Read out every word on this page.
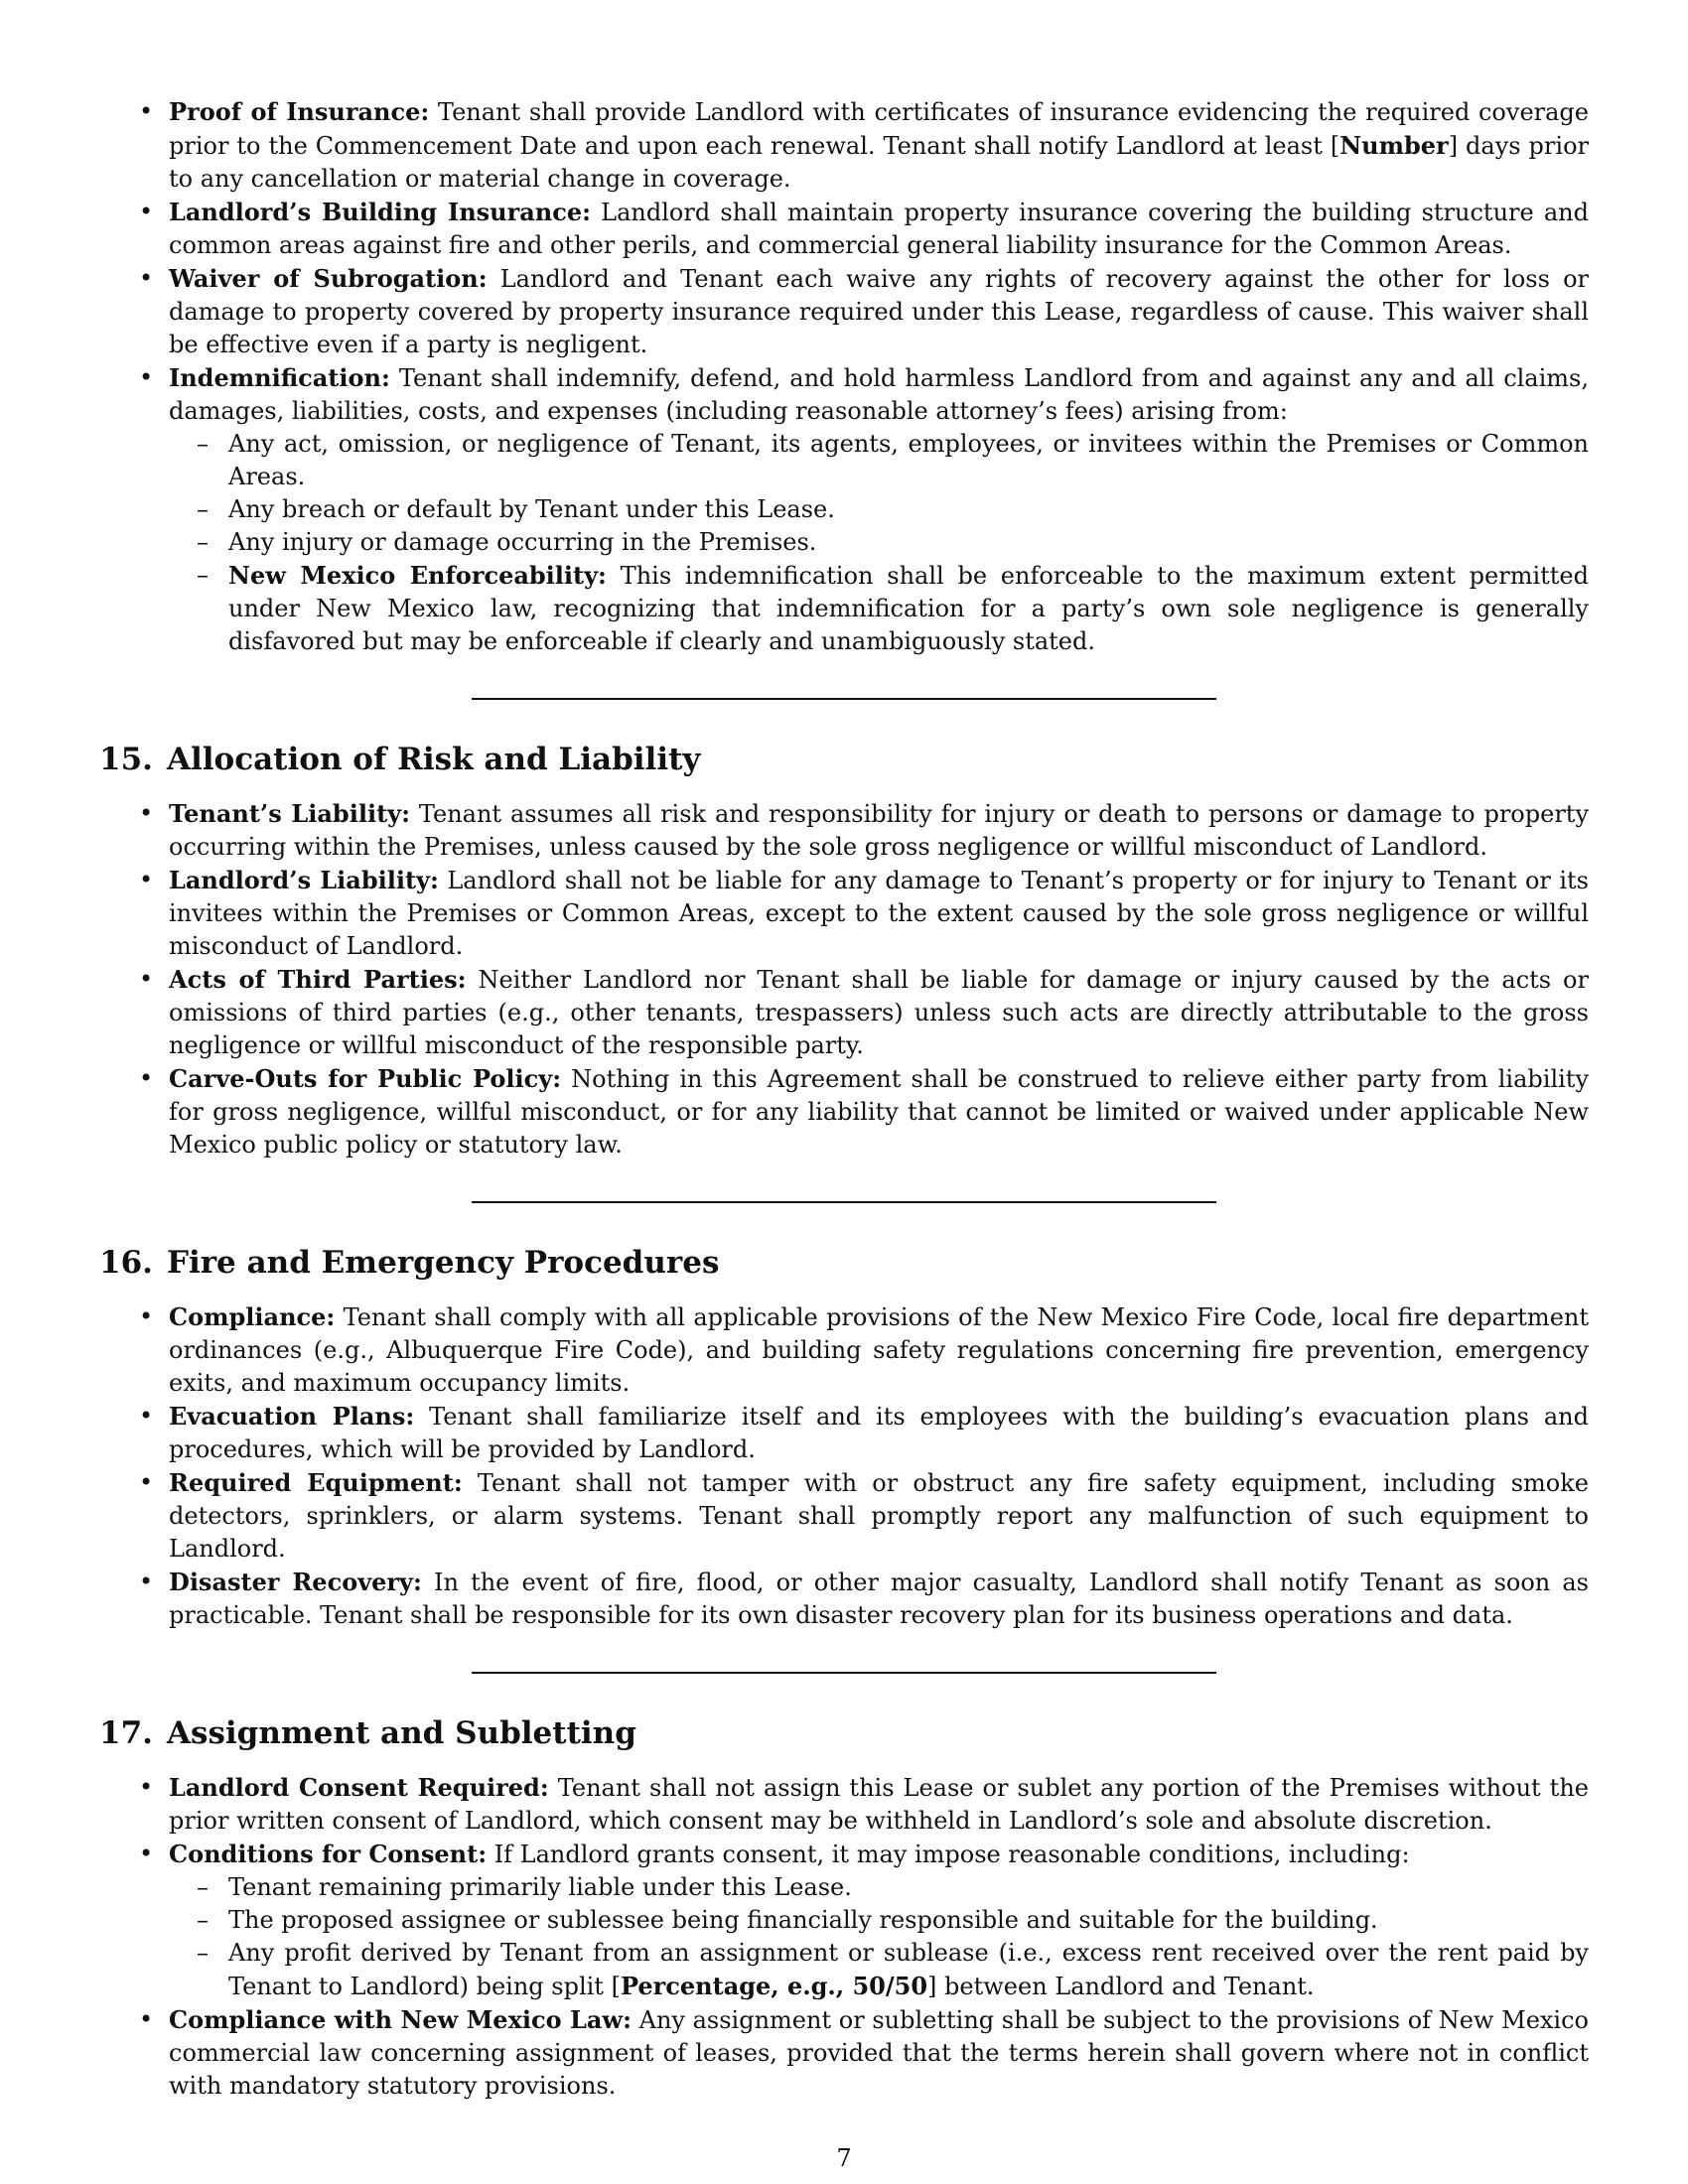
• Proof of Insurance: Tenant shall provide Landlord with certificates of insurance evidencing the required coverage prior to the Commencement Date and upon each renewal. Tenant shall notify Landlord at least [Number] days prior to any cancellation or material change in coverage.
• Landlord’s Building Insurance: Landlord shall maintain property insurance covering the building structure and common areas against fire and other perils, and commercial general liability insurance for the Common Areas.
• Waiver of Subrogation: Landlord and Tenant each waive any rights of recovery against the other for loss or damage to property covered by property insurance required under this Lease, regardless of cause. This waiver shall be effective even if a party is negligent.
• Indemnification: Tenant shall indemnify, defend, and hold harmless Landlord from and against any and all claims, damages, liabilities, costs, and expenses (including reasonable attorney’s fees) arising from:
– Any act, omission, or negligence of Tenant, its agents, employees, or invitees within the Premises or Common Areas.
– Any breach or default by Tenant under this Lease.
– Any injury or damage occurring in the Premises.
– New Mexico Enforceability: This indemnification shall be enforceable to the maximum extent permitted under New Mexico law, recognizing that indemnification for a party’s own sole negligence is generally disfavored but may be enforceable if clearly and unambiguously stated.
15. Allocation of Risk and Liability
• Tenant’s Liability: Tenant assumes all risk and responsibility for injury or death to persons or damage to property occurring within the Premises, unless caused by the sole gross negligence or willful misconduct of Landlord.
• Landlord’s Liability: Landlord shall not be liable for any damage to Tenant’s property or for injury to Tenant or its invitees within the Premises or Common Areas, except to the extent caused by the sole gross negligence or willful misconduct of Landlord.
• Acts of Third Parties: Neither Landlord nor Tenant shall be liable for damage or injury caused by the acts or omissions of third parties (e.g., other tenants, trespassers) unless such acts are directly attributable to the gross negligence or willful misconduct of the responsible party.
• Carve-Outs for Public Policy: Nothing in this Agreement shall be construed to relieve either party from liability for gross negligence, willful misconduct, or for any liability that cannot be limited or waived under applicable New Mexico public policy or statutory law.
16. Fire and Emergency Procedures
• Compliance: Tenant shall comply with all applicable provisions of the New Mexico Fire Code, local fire department ordinances (e.g., Albuquerque Fire Code), and building safety regulations concerning fire prevention, emergency exits, and maximum occupancy limits.
• Evacuation Plans: Tenant shall familiarize itself and its employees with the building’s evacuation plans and procedures, which will be provided by Landlord.
• Required Equipment: Tenant shall not tamper with or obstruct any fire safety equipment, including smoke detectors, sprinklers, or alarm systems. Tenant shall promptly report any malfunction of such equipment to Landlord.
• Disaster Recovery: In the event of fire, flood, or other major casualty, Landlord shall notify Tenant as soon as practicable. Tenant shall be responsible for its own disaster recovery plan for its business operations and data.
17. Assignment and Subletting
• Landlord Consent Required: Tenant shall not assign this Lease or sublet any portion of the Premises without the prior written consent of Landlord, which consent may be withheld in Landlord’s sole and absolute discretion.
• Conditions for Consent: If Landlord grants consent, it may impose reasonable conditions, including:
– Tenant remaining primarily liable under this Lease.
– The proposed assignee or sublessee being financially responsible and suitable for the building.
– Any profit derived by Tenant from an assignment or sublease (i.e., excess rent received over the rent paid by Tenant to Landlord) being split [Percentage, e.g., 50/50] between Landlord and Tenant.
• Compliance with New Mexico Law: Any assignment or subletting shall be subject to the provisions of New Mexico commercial law concerning assignment of leases, provided that the terms herein shall govern where not in conflict with mandatory statutory provisions.
7
